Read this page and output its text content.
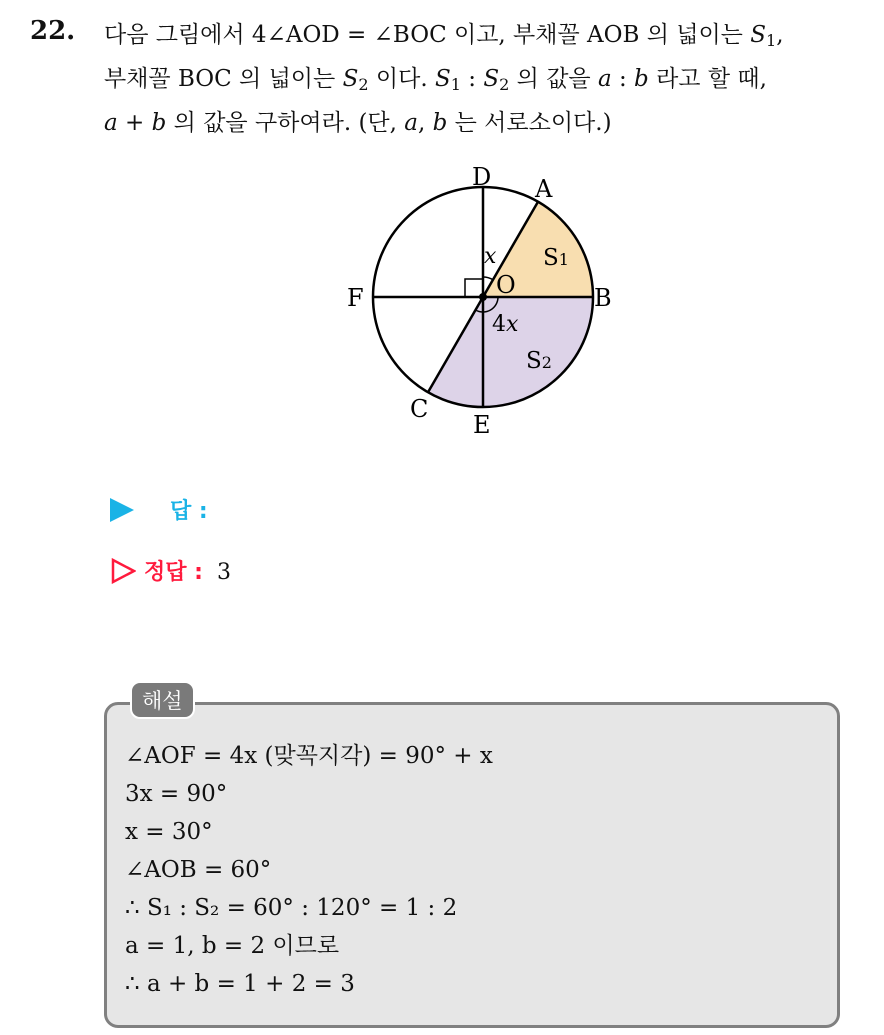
22. 다음 그림에서 4∠AOD = ∠BOC 이고, 부채꼴 AOB 의 넓이는 $S_1$,
부채꼴 BOC 의 넓이는 $S_2$ 이다. $S_1$ : $S_2$ 의 값을 a : b 라고 할 때,
a + b 의 값을 구하여라. (단, a, b 는 서로소이다.)
D A
B
F
C
E
O
x
4x
S1
S2
답 :
정답 : 3
해설
∠AOF = 4x (맞꼭지각) = 90° + x
3x = 90°
x = 30°
∠AOB = 60°
∴ S₁ : S₂ = 60° : 120° = 1 : 2
a = 1, b = 2 이므로
∴ a + b = 1 + 2 = 3
